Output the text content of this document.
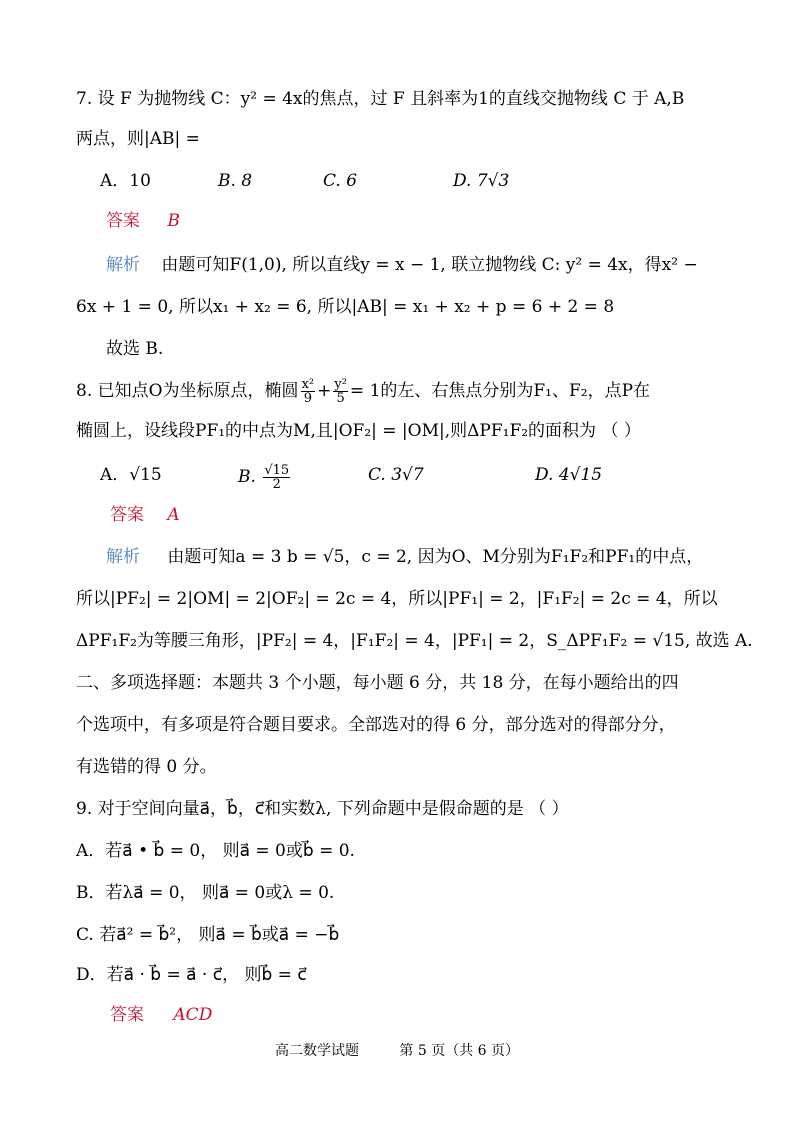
7. 设 F 为抛物线 C：y² = 4x的焦点，过 F 且斜率为1的直线交抛物线 C 于 A,B
两点，则|AB| =
A．10	B. 8	C. 6	D. 7√3
答案 B
解析 由题可知F(1,0), 所以直线y = x − 1, 联立抛物线 C: y² = 4x，得x² −
6x + 1 = 0, 所以x₁ + x₂ = 6, 所以|AB| = x₁ + x₂ + p = 6 + 2 = 8
故选 B.
8. 已知点O为坐标原点，椭圆 $\frac{\text{x²}}{9} + \frac{\text{y²}}{5} = 1$的左、右焦点分别为F₁、F₂，点P在
椭圆上，设线段PF₁的中点为M,且|OF₂| = |OM|,则ΔPF₁F₂的面积为 （ ）
A．√15	B. $\frac{√15}{2}$	C. 3√7	D. 4√15
答案 A
解析 由题可知a = 3 b = √5，c = 2, 因为O、M分别为F₁F₂和PF₁的中点，
所以|PF₂| = 2|OM| = 2|OF₂| = 2c = 4，所以|PF₁| = 2，|F₁F₂| = 2c = 4，所以
ΔPF₁F₂为等腰三角形，|PF₂| = 4，|F₁F₂| = 4，|PF₁| = 2，S_ΔPF₁F₂ = √15, 故选 A.
二、多项选择题：本题共 3 个小题，每小题 6 分，共 18 分，在每小题给出的四
个选项中，有多项是符合题目要求。全部选对的得 6 分，部分选对的得部分分，
有选错的得 0 分。
9. 对于空间向量a⃗，b⃗，c⃗和实数λ, 下列命题中是假命题的是 （ ）
A．若a⃗ • b⃗ = 0， 则a⃗ = 0或b⃗ = 0.
B．若λa⃗ = 0， 则a⃗ = 0或λ = 0.
C. 若a⃗² = b⃗²， 则a⃗ = b⃗或a⃗ = −b⃗
D．若a⃗ · b⃗ = a⃗ · c⃗， 则b⃗ = c⃗
答案 ACD
高二数学试题	第 5 页（共 6 页）
